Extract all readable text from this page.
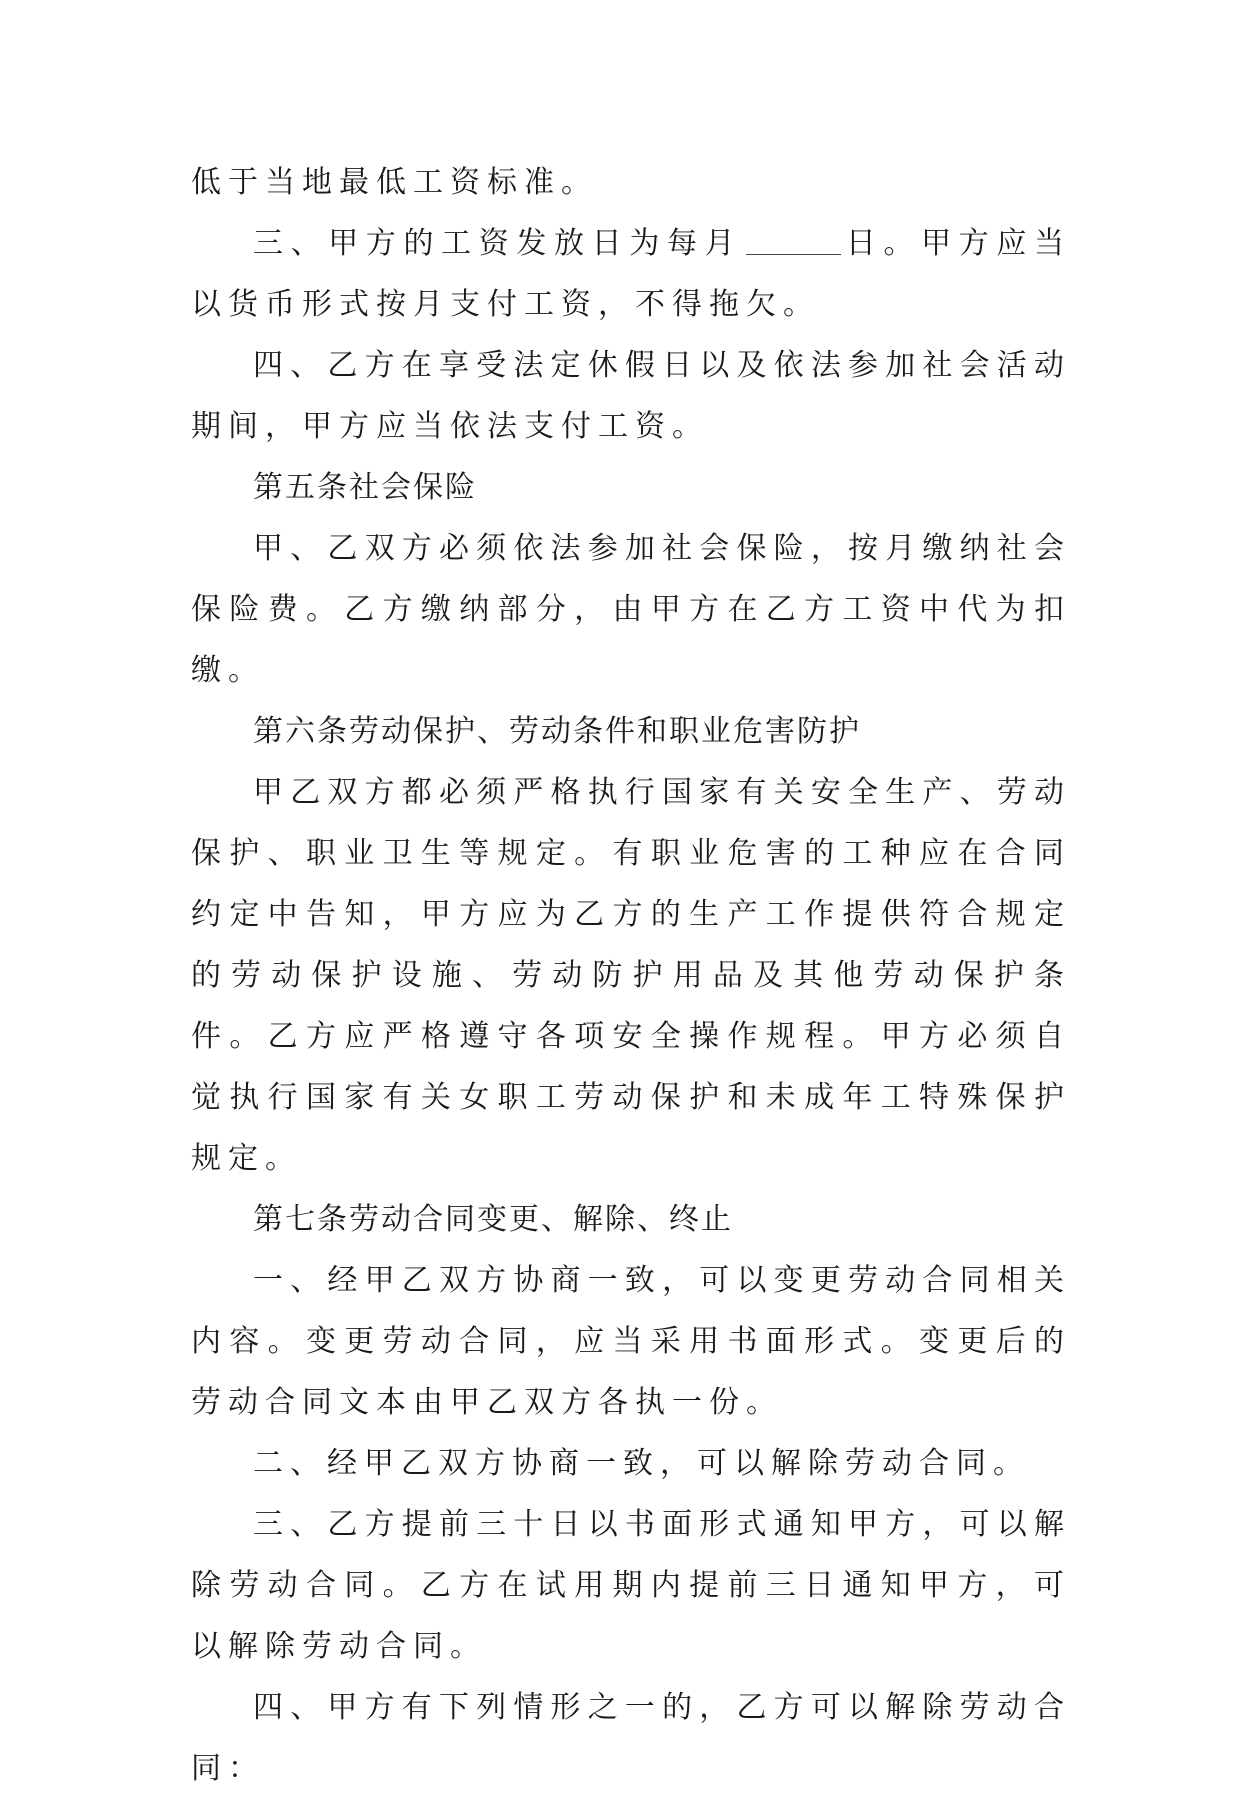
低于当地最低工资标准。

三、甲方的工资发放日为每月	日。甲方应当以货币形式按月支付工资，不得拖欠。

四、乙方在享受法定休假日以及依法参加社会活动期间，甲方应当依法支付工资。

第五条社会保险

甲、乙双方必须依法参加社会保险，按月缴纳社会保险费。乙方缴纳部分，由甲方在乙方工资中代为扣缴。

第六条劳动保护、劳动条件和职业危害防护

甲乙双方都必须严格执行国家有关安全生产、劳动保护、职业卫生等规定。有职业危害的工种应在合同约定中告知，甲方应为乙方的生产工作提供符合规定的劳动保护设施、劳动防护用品及其他劳动保护条件。乙方应严格遵守各项安全操作规程。甲方必须自觉执行国家有关女职工劳动保护和未成年工特殊保护规定。

第七条劳动合同变更、解除、终止

一、经甲乙双方协商一致，可以变更劳动合同相关内容。变更劳动合同，应当采用书面形式。变更后的劳动合同文本由甲乙双方各执一份。

二、经甲乙双方协商一致，可以解除劳动合同。

三、乙方提前三十日以书面形式通知甲方，可以解除劳动合同。乙方在试用期内提前三日通知甲方，可以解除劳动合同。

四、甲方有下列情形之一的，乙方可以解除劳动合同：
